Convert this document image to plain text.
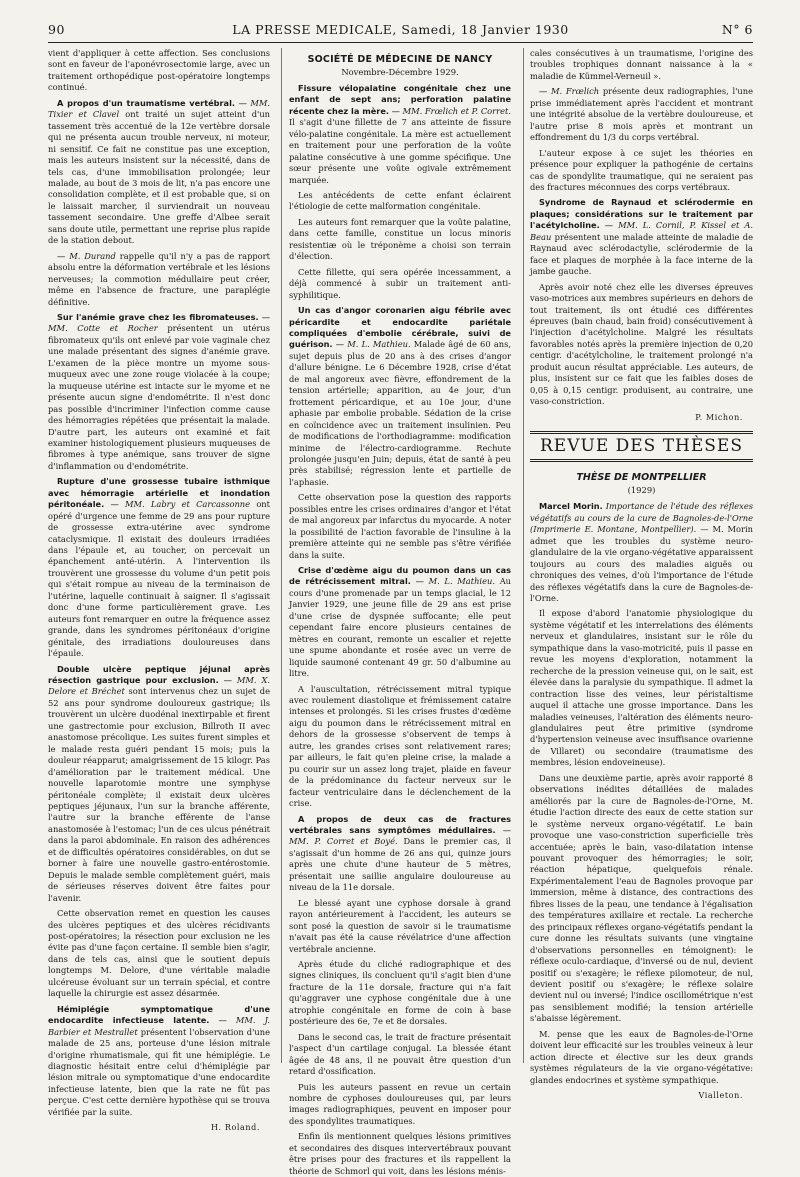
90	LA PRESSE MEDICALE, Samedi, 18 Janvier 1930	N° 6

vient d'appliquer à cette affection. Ses conclusions sont en faveur de l'aponévrosectomie large, avec un traitement orthopédique post-opératoire longtemps continué.

A propos d'un traumatisme vertébral. — MM. Tixier et Clavel ont traité un sujet atteint d'un tassement très accentué de la 12e vertèbre dorsale qui ne présenta aucun trouble nerveux, ni moteur, ni sensitif. Ce fait ne constitue pas une exception, mais les auteurs insistent sur la nécessité, dans de tels cas, d'une immobilisation prolongée; leur malade, au bout de 3 mois de lit, n'a pas encore une consolidation complète, et il est probable que, si on le laissait marcher, il surviendrait un nouveau tassement secondaire. Une greffe d'Albee serait sans doute utile, permettant une reprise plus rapide de la station debout.

— M. Durand rappelle qu'il n'y a pas de rapport absolu entre la déformation vertébrale et les lésions nerveuses; la commotion médullaire peut créer, même en l'absence de fracture, une paraplégie définitive.

Sur l'anémie grave chez les fibromateuses. — MM. Cotte et Rocher présentent un utérus fibromateux qu'ils ont enlevé par voie vaginale chez une malade présentant des signes d'anémie grave. L'examen de la pièce montre un myome sous-muqueux avec une zone rouge violacée à la coupe; la muqueuse utérine est intacte sur le myome et ne présente aucun signe d'endométrite. Il n'est donc pas possible d'incriminer l'infection comme cause des hémorragies répétées que présentait la malade. D'autre part, les auteurs ont examiné et fait examiner histologiquement plusieurs muqueuses de fibromes à type anémique, sans trouver de signe d'inflammation ou d'endométrite.

Rupture d'une grossesse tubaire isthmique avec hémorragie artérielle et inondation péritonéale. — MM. Labry et Carcassonne ont opéré d'urgence une femme de 29 ans pour rupture de grossesse extra-utérine avec syndrome cataclysmique. Il existait des douleurs irradiées dans l'épaule et, au toucher, on percevait un épanchement anté-utérin. A l'intervention ils trouvèrent une grossesse du volume d'un petit pois qui s'était rompue au niveau de la terminaison de l'utérine, laquelle continuait à saigner. Il s'agissait donc d'une forme particulièrement grave. Les auteurs font remarquer en outre la fréquence assez grande, dans les syndromes péritonéaux d'origine génitale, des irradiations douloureuses dans l'épaule.

Double ulcère peptique jéjunal après résection gastrique pour exclusion. — MM. X. Delore et Bréchet sont intervenus chez un sujet de 52 ans pour syndrome douloureux gastrique; ils trouvèrent un ulcère duodénal inextirpable et firent une gastrectomie pour exclusion, Billroth II avec anastomose précolique. Les suites furent simples et le malade resta guéri pendant 15 mois; puis la douleur réapparut; amaigrissement de 15 kilogr. Pas d'amélioration par le traitement médical. Une nouvelle laparotomie montre une symphyse péritonéale complète; il existait deux ulcères peptiques jéjunaux, l'un sur la branche afférente, l'autre sur la branche efférente de l'anse anastomosée à l'estomac; l'un de ces ulcus pénétrait dans la paroi abdominale. En raison des adhérences et de difficultés opératoires considérables, on dut se borner à faire une nouvelle gastro-entérostomie. Depuis le malade semble complètement guéri, mais de sérieuses réserves doivent être faites pour l'avenir.

Cette observation remet en question les causes des ulcères peptiques et des ulcères récidivants post-opératoires; la résection pour exclusion ne les évite pas d'une façon certaine. Il semble bien s'agir, dans de tels cas, ainsi que le soutient depuis longtemps M. Delore, d'une véritable maladie ulcéreuse évoluant sur un terrain spécial, et contre laquelle la chirurgie est assez désarmée.

Hémiplégie symptomatique d'une endocardite infectieuse latente. — MM. J. Barbier et Mestrallet présentent l'observation d'une malade de 25 ans, porteuse d'une lésion mitrale d'origine rhumatismale, qui fit une hémiplégie. Le diagnostic hésitait entre celui d'hémiplégie par lésion mitrale ou symptomatique d'une endocardite infectieuse latente, bien que la rate ne fût pas perçue. C'est cette dernière hypothèse qui se trouva vérifiée par la suite.

H. Roland.
SOCIÉTÉ DE MÉDECINE DE NANCY
Novembre-Décembre 1929.

Fissure vélopalatine congénitale chez une enfant de sept ans; perforation palatine récente chez la mère. — MM. Frœlich et P. Corret. Il s'agit d'une fillette de 7 ans atteinte de fissure vélo-palatine congénitale. La mère est actuellement en traitement pour une perforation de la voûte palatine consécutive à une gomme spécifique. Une sœur présente une voûte ogivale extrêmement marquée.

Les antécédents de cette enfant éclairent l'étiologie de cette malformation congénitale.

Les auteurs font remarquer que la voûte palatine, dans cette famille, constitue un locus minoris resistentiæ où le tréponème a choisi son terrain d'élection.

Cette fillette, qui sera opérée incessamment, a déjà commencé à subir un traitement anti-syphilitique.

Un cas d'angor coronarien aigu fébrile avec péricardite et endocardite pariétale compliquées d'embolie cérébrale, suivi de guérison. — M. L. Mathieu. Malade âgé de 60 ans, sujet depuis plus de 20 ans à des crises d'angor d'allure bénigne. Le 6 Décembre 1928, crise d'état de mal angoreux avec fièvre, effondrement de la tension artérielle; apparition, au 4e jour, d'un frottement péricardique, et au 10e jour, d'une aphasie par embolie probable. Sédation de la crise en coïncidence avec un traitement insulinien. Peu de modifications de l'orthodiagramme: modification minime de l'électro-cardiogramme. Rechute prolongée jusqu'en Juin; depuis, état de santé à peu près stabilisé; régression lente et partielle de l'aphasie.

Cette observation pose la question des rapports possibles entre les crises ordinaires d'angor et l'état de mal angoreux par infarctus du myocarde. A noter la possibilité de l'action favorable de l'insuline à la première atteinte qui ne semble pas s'être vérifiée dans la suite.

Crise d'œdème aigu du poumon dans un cas de rétrécissement mitral. — M. L. Mathieu. Au cours d'une promenade par un temps glacial, le 12 Janvier 1929, une jeune fille de 29 ans est prise d'une crise de dyspnée suffocante; elle peut cependant faire encore plusieurs centaines de mètres en courant, remonte un escalier et rejette une spume abondante et rosée avec un verre de liquide saumoné contenant 49 gr. 50 d'albumine au litre.

A l'auscultation, rétrécissement mitral typique avec roulement diastolique et frémissement cataire intenses et prolongés. Si les crises frustes d'œdème aigu du poumon dans le rétrécissement mitral en dehors de la grossesse s'observent de temps à autre, les grandes crises sont relativement rares; par ailleurs, le fait qu'en pleine crise, la malade a pu courir sur un assez long trajet, plaide en faveur de la prédominance du facteur nerveux sur le facteur ventriculaire dans le déclenchement de la crise.

A propos de deux cas de fractures vertébrales sans symptômes médullaires. — MM. P. Corret et Boyé. Dans le premier cas, il s'agissait d'un homme de 26 ans qui, quinze jours après une chute d'une hauteur de 5 mètres, présentait une saillie angulaire douloureuse au niveau de la 11e dorsale.

Le blessé ayant une cyphose dorsale à grand rayon antérieurement à l'accident, les auteurs se sont posé la question de savoir si le traumatisme n'avait pas été la cause révélatrice d'une affection vertébrale ancienne.

Après étude du cliché radiographique et des signes cliniques, ils concluent qu'il s'agit bien d'une fracture de la 11e dorsale, fracture qui n'a fait qu'aggraver une cyphose congénitale due à une atrophie congénitale en forme de coin à base postérieure des 6e, 7e et 8e dorsales.

Dans le second cas, le trait de fracture présentait l'aspect d'un cartilage conjugal. La blessée étant âgée de 48 ans, il ne pouvait être question d'un retard d'ossification.

Puis les auteurs passent en revue un certain nombre de cyphoses douloureuses qui, par leurs images radiographiques, peuvent en imposer pour des spondylites traumatiques.

Enfin ils mentionnent quelques lésions primitives et secondaires des disques intervertébraux pouvant être prises pour des fractures et ils rappellent la théorie de Schmorl qui voit, dans les lésions ménis-

cales consécutives à un traumatisme, l'origine des troubles trophiques donnant naissance à la « maladie de Kümmel-Verneuil ».

— M. Frœlich présente deux radiographies, l'une prise immédiatement après l'accident et montrant une intégrité absolue de la vertèbre douloureuse, et l'autre prise 8 mois après et montrant un effondrement du 1/3 du corps vertébral.

L'auteur expose à ce sujet les théories en présence pour expliquer la pathogénie de certains cas de spondylite traumatique, qui ne seraient pas des fractures méconnues des corps vertébraux.

Syndrome de Raynaud et sclérodermie en plaques; considérations sur le traitement par l'acétylcholine. — MM. L. Cornil, P. Kissel et A. Beau présentent une malade atteinte de maladie de Raynaud avec sclérodactylie, sclérodermie de la face et plaques de morphée à la face interne de la jambe gauche.

Après avoir noté chez elle les diverses épreuves vaso-motrices aux membres supérieurs en dehors de tout traitement, ils ont étudié ces différentes épreuves (bain chaud, bain froid) consécutivement à l'injection d'acétylcholine. Malgré les résultats favorables notés après la première injection de 0,20 centigr. d'acétylcholine, le traitement prolongé n'a produit aucun résultat appréciable. Les auteurs, de plus, insistent sur ce fait que les faibles doses de 0,05 à 0,15 centigr. produisent, au contraire, une vaso-constriction.

P. Michon.
REVUE DES THÈSES
THÈSE DE MONTPELLIER
(1929)

Marcel Morin. Importance de l'étude des réflexes végétatifs au cours de la cure de Bagnoles-de-l'Orne (Imprimerie E. Montane, Montpellier). — M. Morin admet que les troubles du système neuro-glandulaire de la vie organo-végétative apparaissent toujours au cours des maladies aiguës ou chroniques des veines, d'où l'importance de l'étude des réflexes végétatifs dans la cure de Bagnoles-de-l'Orne.

Il expose d'abord l'anatomie physiologique du système végétatif et les interrelations des éléments nerveux et glandulaires, insistant sur le rôle du sympathique dans la vaso-motricité, puis il passe en revue les moyens d'exploration, notamment la recherche de la pression veineuse qui, on le sait, est élevée dans la paralysie du sympathique. Il admet la contraction lisse des veines, leur péristaltisme auquel il attache une grosse importance. Dans les maladies veineuses, l'altération des éléments neuro-glandulaires peut être primitive (syndrome d'hypertension veineuse avec insuffisance ovarienne de Villaret) ou secondaire (traumatisme des membres, lésion endoveineuse).

Dans une deuxième partie, après avoir rapporté 8 observations inédites détaillées de malades améliorés par la cure de Bagnoles-de-l'Orne, M. étudie l'action directe des eaux de cette station sur le système nerveux organo-végétatif. Le bain provoque une vaso-constriction superficielle très accentuée; après le bain, vaso-dilatation intense pouvant provoquer des hémorragies; le soir, réaction hépatique, quelquefois rénale. Expérimentalement l'eau de Bagnoles provoque par immersion, même à distance, des contractions des fibres lisses de la peau, une tendance à l'égalisation des températures axillaire et rectale. La recherche des principaux réflexes organo-végétatifs pendant la cure donne les résultats suivants (une vingtaine d'observations personnelles en témoignent): le réflexe oculo-cardiaque, d'inversé ou de nul, devient positif ou s'exagère; le réflexe pilomoteur, de nul, devient positif ou s'exagère; le réflexe solaire devient nul ou inversé; l'indice oscillométrique n'est pas sensiblement modifié; la tension artérielle s'abaisse légèrement.

M. pense que les eaux de Bagnoles-de-l'Orne doivent leur efficacité sur les troubles veineux à leur action directe et élective sur les deux grands systèmes régulateurs de la vie organo-végétative: glandes endocrines et système sympathique.

Vialleton.
